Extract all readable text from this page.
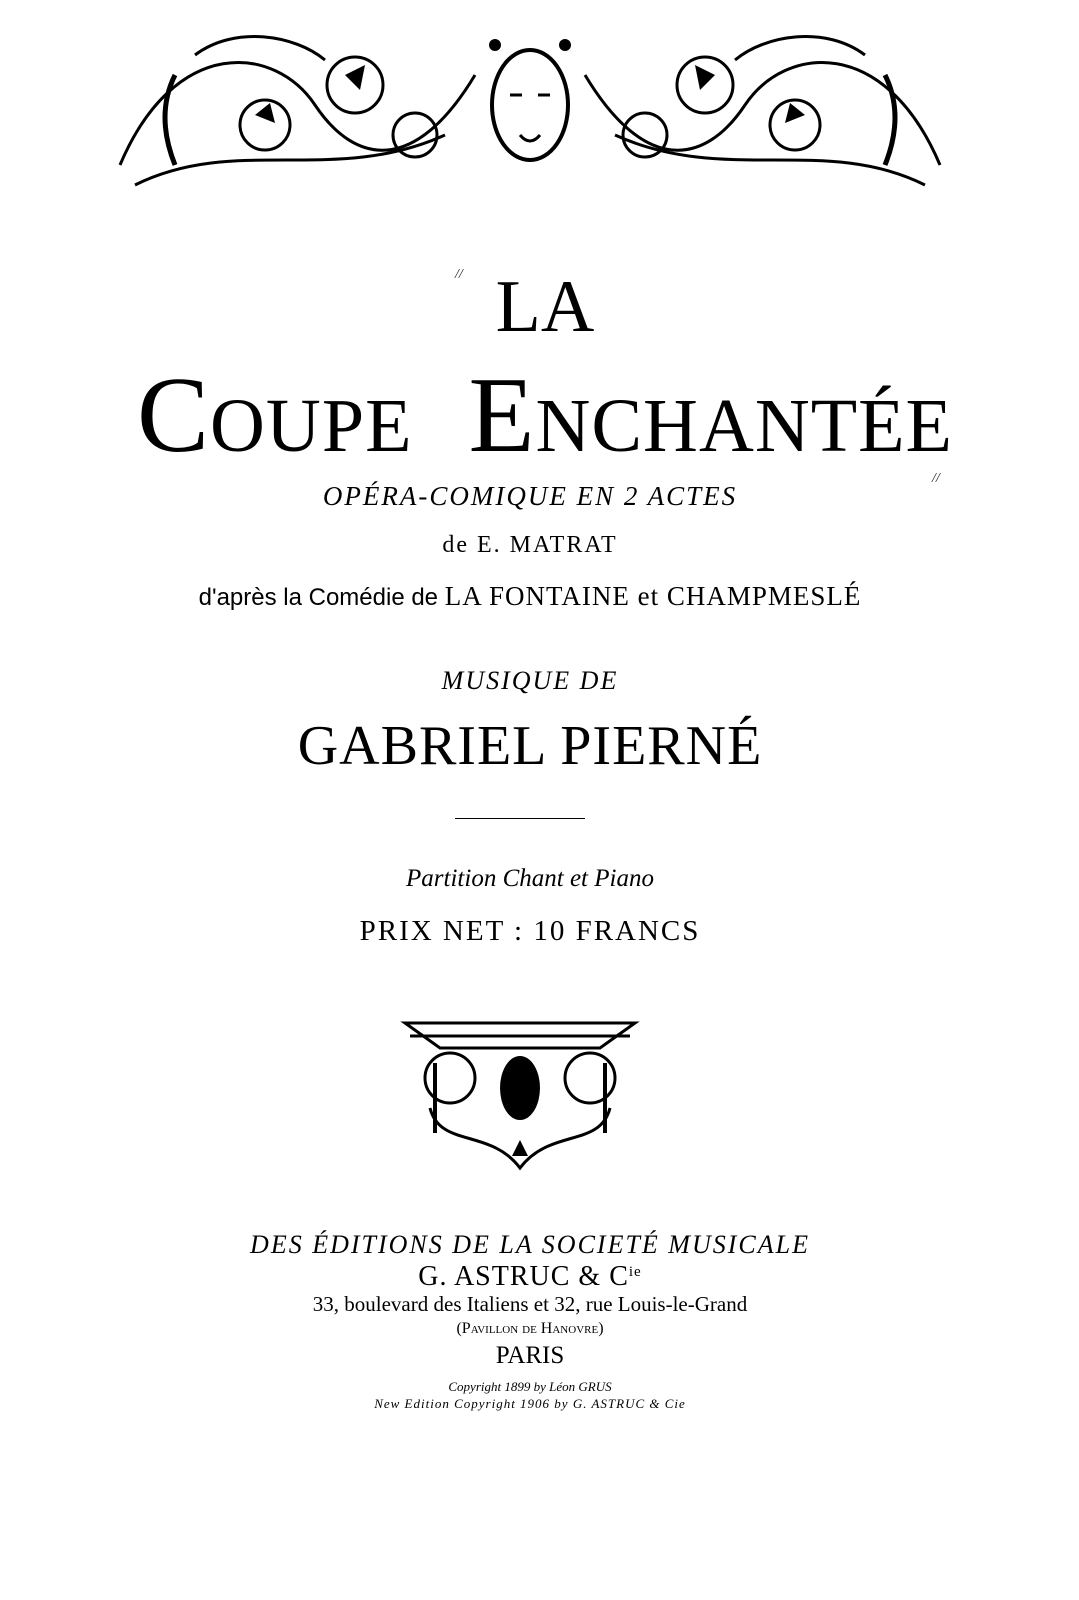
// LA
Coupe Enchantée
//
OPÉRA-COMIQUE EN 2 ACTES
de E. MATRAT
d'après la Comédie de LA FONTAINE et CHAMPMESLÉ
MUSIQUE DE
GABRIEL PIERNÉ
Partition Chant et Piano
PRIX NET : 10 FRANCS
DES ÉDITIONS DE LA SOCIETÉ MUSICALE
G. ASTRUC & $C^{ie}$
33, boulevard des Italiens et 32, rue Louis-le-Grand
(Pavillon de Hanovre)
PARIS
Copyright 1899 by Léon GRUS
New Edition Copyright 1906 by G. ASTRUC & Cie
